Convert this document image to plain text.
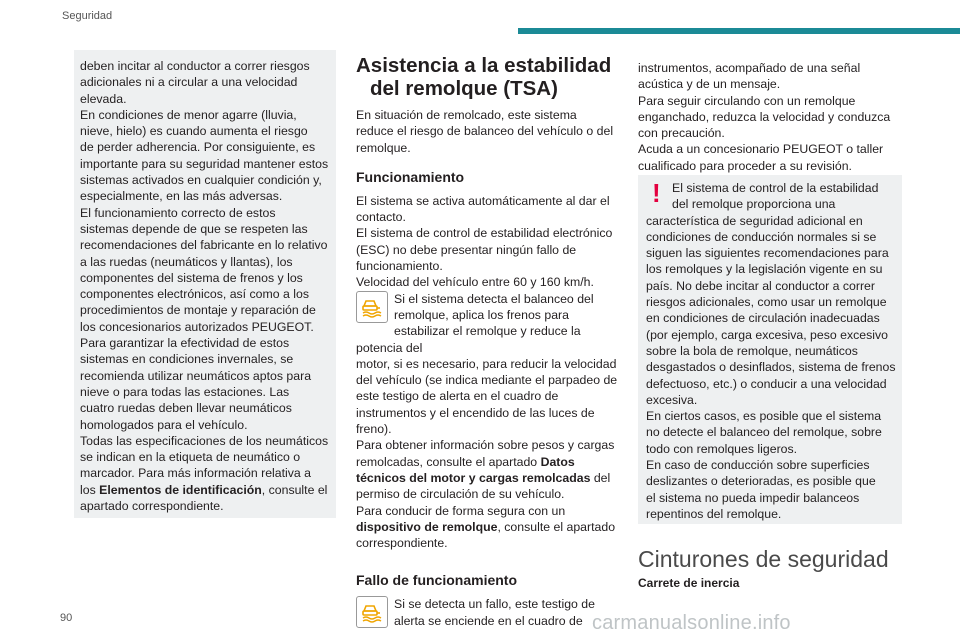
Seguridad

deben incitar al conductor a correr riesgos

adicionales ni a circular a una velocidad

elevada.

En condiciones de menor agarre (lluvia,

nieve, hielo) es cuando aumenta el riesgo

de perder adherencia. Por consiguiente, es

importante para su seguridad mantener estos

sistemas activados en cualquier condición y,

especialmente, en las más adversas.

El funcionamiento correcto de estos

sistemas depende de que se respeten las

recomendaciones del fabricante en lo relativo

a las ruedas (neumáticos y llantas), los

componentes del sistema de frenos y los

componentes electrónicos, así como a los

procedimientos de montaje y reparación de

los concesionarios autorizados PEUGEOT.

Para garantizar la efectividad de estos

sistemas en condiciones invernales, se

recomienda utilizar neumáticos aptos para

nieve o para todas las estaciones. Las

cuatro ruedas deben llevar neumáticos

homologados para el vehículo.

Todas las especificaciones de los neumáticos

se indican en la etiqueta de neumático o

marcador. Para más información relativa a

los Elementos de identificación, consulte el

apartado correspondiente.

Asistencia a la estabilidad
del remolque (TSA)

En situación de remolcado, este sistema

reduce el riesgo de balanceo del vehículo o del

remolque.

Funcionamiento

El sistema se activa automáticamente al dar el

contacto.

El sistema de control de estabilidad electrónico

(ESC) no debe presentar ningún fallo de

funcionamiento.

Velocidad del vehículo entre 60 y 160 km/h.

Si el sistema detecta el balanceo del

remolque, aplica los frenos para

estabilizar el remolque y reduce la potencia del

motor, si es necesario, para reducir la velocidad

del vehículo (se indica mediante el parpadeo de

este testigo de alerta en el cuadro de

instrumentos y el encendido de las luces de

freno).

Para obtener información sobre pesos y cargas

remolcadas, consulte el apartado Datos

técnicos del motor y cargas remolcadas del

permiso de circulación de su vehículo.

Para conducir de forma segura con un

dispositivo de remolque, consulte el apartado

correspondiente.

Fallo de funcionamiento

Si se detecta un fallo, este testigo de

alerta se enciende en el cuadro de

instrumentos, acompañado de una señal

acústica y de un mensaje.

Para seguir circulando con un remolque

enganchado, reduzca la velocidad y conduzca

con precaución.

Acuda a un concesionario PEUGEOT o taller

cualificado para proceder a su revisión.

! El sistema de control de la estabilidad

del remolque proporciona una

característica de seguridad adicional en

condiciones de conducción normales si se

siguen las siguientes recomendaciones para

los remolques y la legislación vigente en su

país. No debe incitar al conductor a correr

riesgos adicionales, como usar un remolque

en condiciones de circulación inadecuadas

(por ejemplo, carga excesiva, peso excesivo

sobre la bola de remolque, neumáticos

desgastados o desinflados, sistema de frenos

defectuoso, etc.) o conducir a una velocidad

excesiva.

En ciertos casos, es posible que el sistema

no detecte el balanceo del remolque, sobre

todo con remolques ligeros.

En caso de conducción sobre superficies

deslizantes o deterioradas, es posible que

el sistema no pueda impedir balanceos

repentinos del remolque.

Cinturones de seguridad
Carrete de inercia
90	carmanualsonline.info
